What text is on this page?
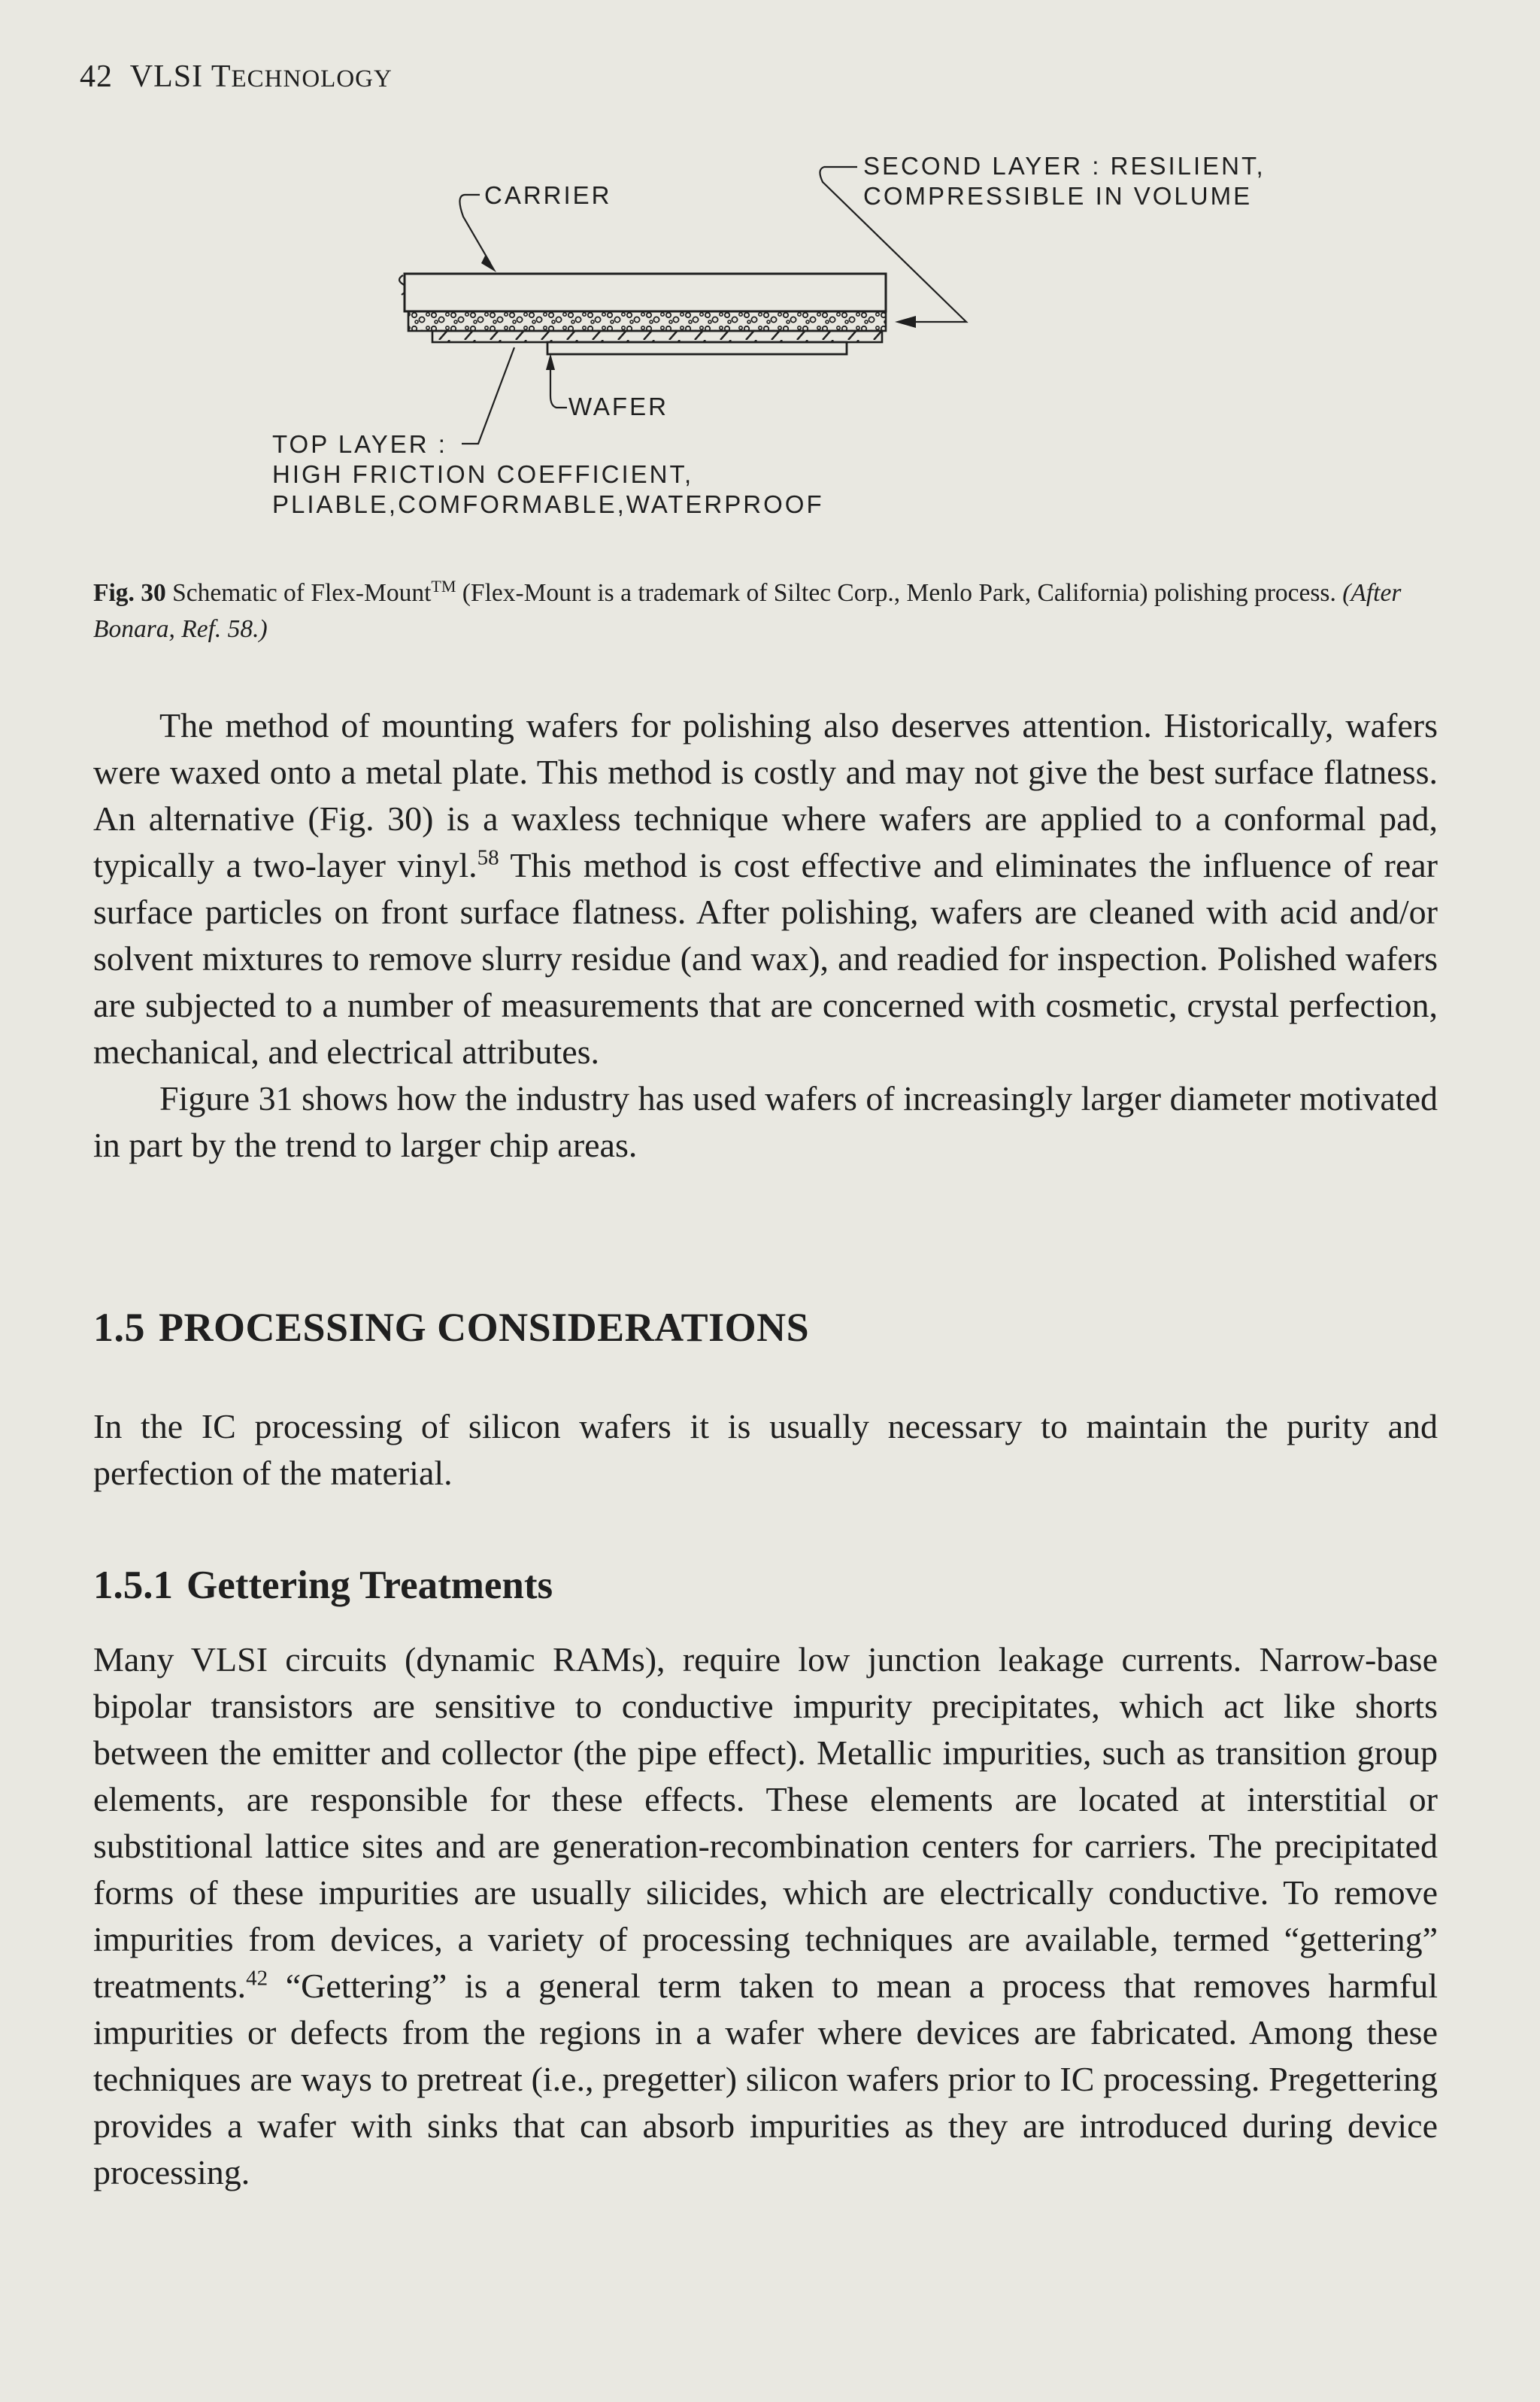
42 VLSI TECHNOLOGY
CARRIER
SECOND LAYER : RESILIENT,
COMPRESSIBLE IN VOLUME
WAFER
TOP LAYER :
HIGH FRICTION COEFFICIENT,
PLIABLE,COMFORMABLE,WATERPROOF
Fig. 30 Schematic of Flex-Mount™ (Flex-Mount is a trademark of Siltec Corp., Menlo Park, California) polishing process. (After Bonara, Ref. 58.)

The method of mounting wafers for polishing also deserves attention. Historically, wafers were waxed onto a metal plate. This method is costly and may not give the best surface flatness. An alternative (Fig. 30) is a waxless technique where wafers are applied to a conformal pad, typically a two-layer vinyl.$^{58}$ This method is cost effective and eliminates the influence of rear surface particles on front surface flatness. After polishing, wafers are cleaned with acid and/or solvent mixtures to remove slurry residue (and wax), and readied for inspection. Polished wafers are subjected to a number of measurements that are concerned with cosmetic, crystal perfection, mechanical, and electrical attributes.

Figure 31 shows how the industry has used wafers of increasingly larger diameter motivated in part by the trend to larger chip areas.

1.5 PROCESSING CONSIDERATIONS

In the IC processing of silicon wafers it is usually necessary to maintain the purity and perfection of the material.

1.5.1 Gettering Treatments

Many VLSI circuits (dynamic RAMs), require low junction leakage currents. Narrow-base bipolar transistors are sensitive to conductive impurity precipitates, which act like shorts between the emitter and collector (the pipe effect). Metallic impurities, such as transition group elements, are responsible for these effects. These elements are located at interstitial or substitional lattice sites and are generation-recombination centers for carriers. The precipitated forms of these impurities are usually silicides, which are electrically conductive. To remove impurities from devices, a variety of processing techniques are available, termed “gettering” treatments.$^{42}$ “Gettering” is a general term taken to mean a process that removes harmful impurities or defects from the regions in a wafer where devices are fabricated. Among these techniques are ways to pretreat (i.e., pregetter) silicon wafers prior to IC processing. Pregettering provides a wafer with sinks that can absorb impurities as they are introduced during device processing.
